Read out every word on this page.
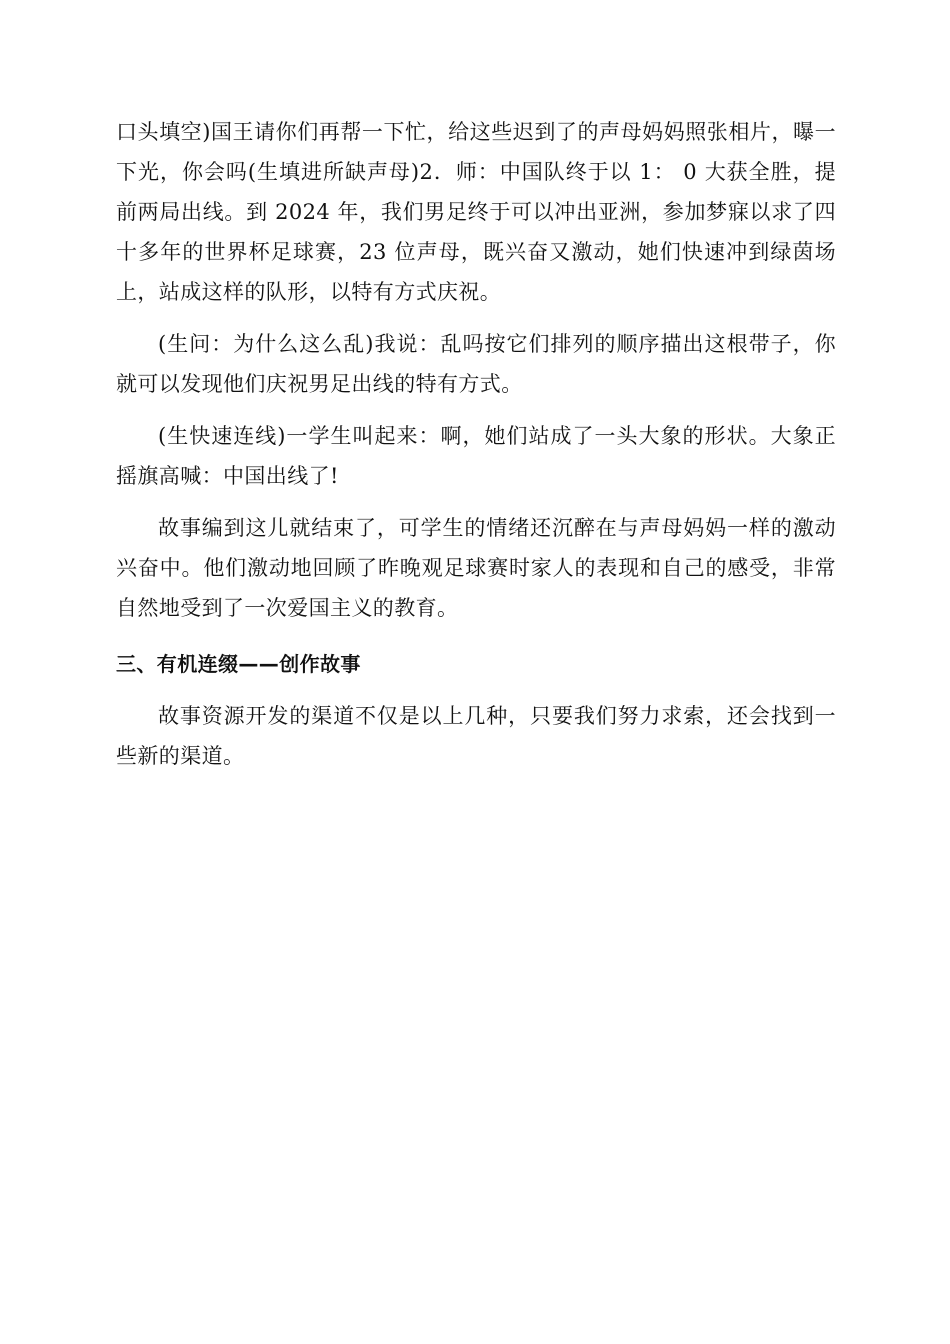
口头填空)国王请你们再帮一下忙，给这些迟到了的声母妈妈照张相片，曝一下光，你会吗(生填进所缺声母)2．师：中国队终于以 1： 0 大获全胜，提前两局出线。到 2024 年，我们男足终于可以冲出亚洲，参加梦寐以求了四十多年的世界杯足球赛，23 位声母，既兴奋又激动，她们快速冲到绿茵场上，站成这样的队形，以特有方式庆祝。

(生问：为什么这么乱)我说：乱吗按它们排列的顺序描出这根带子，你就可以发现他们庆祝男足出线的特有方式。

(生快速连线)一学生叫起来：啊，她们站成了一头大象的形状。大象正摇旗高喊：中国出线了!

故事编到这儿就结束了，可学生的情绪还沉醉在与声母妈妈一样的激动兴奋中。他们激动地回顾了昨晚观足球赛时家人的表现和自己的感受，非常自然地受到了一次爱国主义的教育。

三、有机连缀——创作故事

故事资源开发的渠道不仅是以上几种，只要我们努力求索，还会找到一些新的渠道。
